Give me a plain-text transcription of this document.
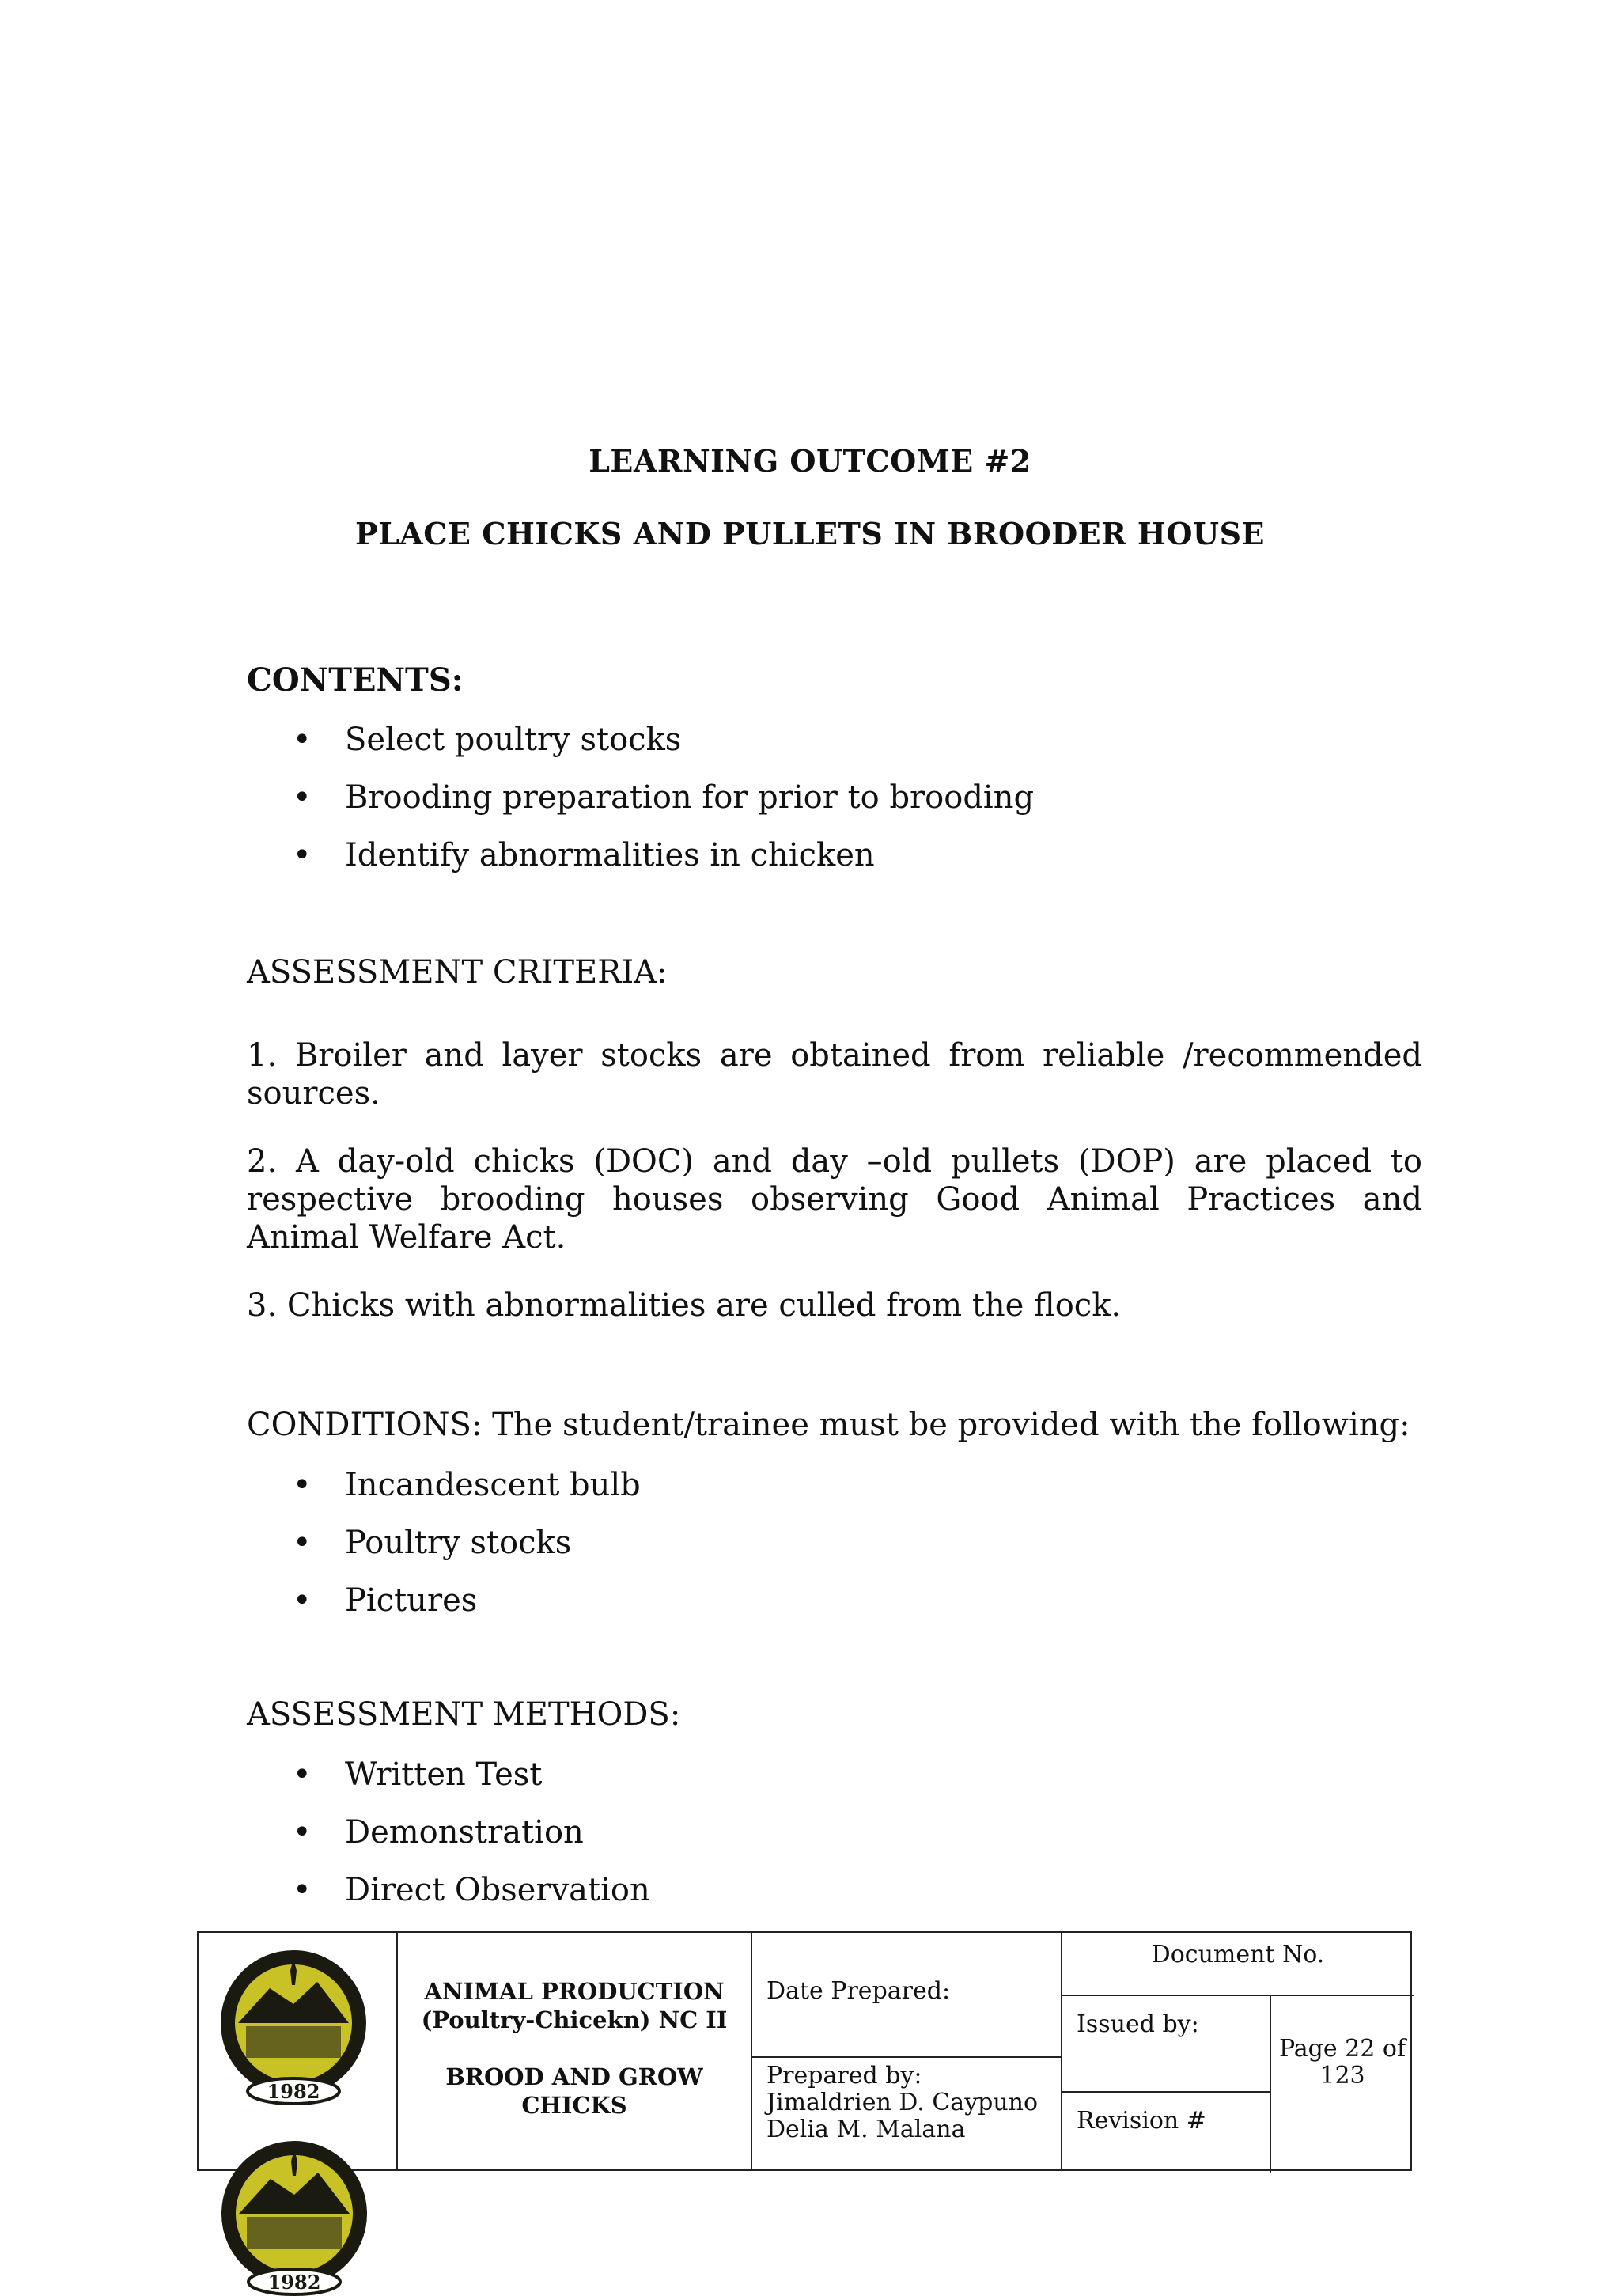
LEARNING OUTCOME #2
PLACE CHICKS AND PULLETS IN BROODER HOUSE
CONTENTS:
• Select poultry stocks
• Brooding preparation for prior to brooding
• Identify abnormalities in chicken
ASSESSMENT CRITERIA:

1. Broiler and layer stocks are obtained from reliable /recommended sources.

2. A day-old chicks (DOC) and day –old pullets (DOP) are placed to respective brooding houses observing Good Animal Practices and Animal Welfare Act.

3. Chicks with abnormalities are culled from the flock.

CONDITIONS: The student/trainee must be provided with the following:
• Incandescent bulb
• Poultry stocks
• Pictures
ASSESSMENT METHODS:
• Written Test
• Demonstration
• Direct Observation
1982
ANIMAL PRODUCTION
(Poultry-Chicekn) NC II
BROOD AND GROW
CHICKS
Date Prepared:
Prepared by:
Jimaldrien D. Caypuno
Delia M. Malana
Document No.
Issued by:
Revision #
Page 22 of
123
1982
